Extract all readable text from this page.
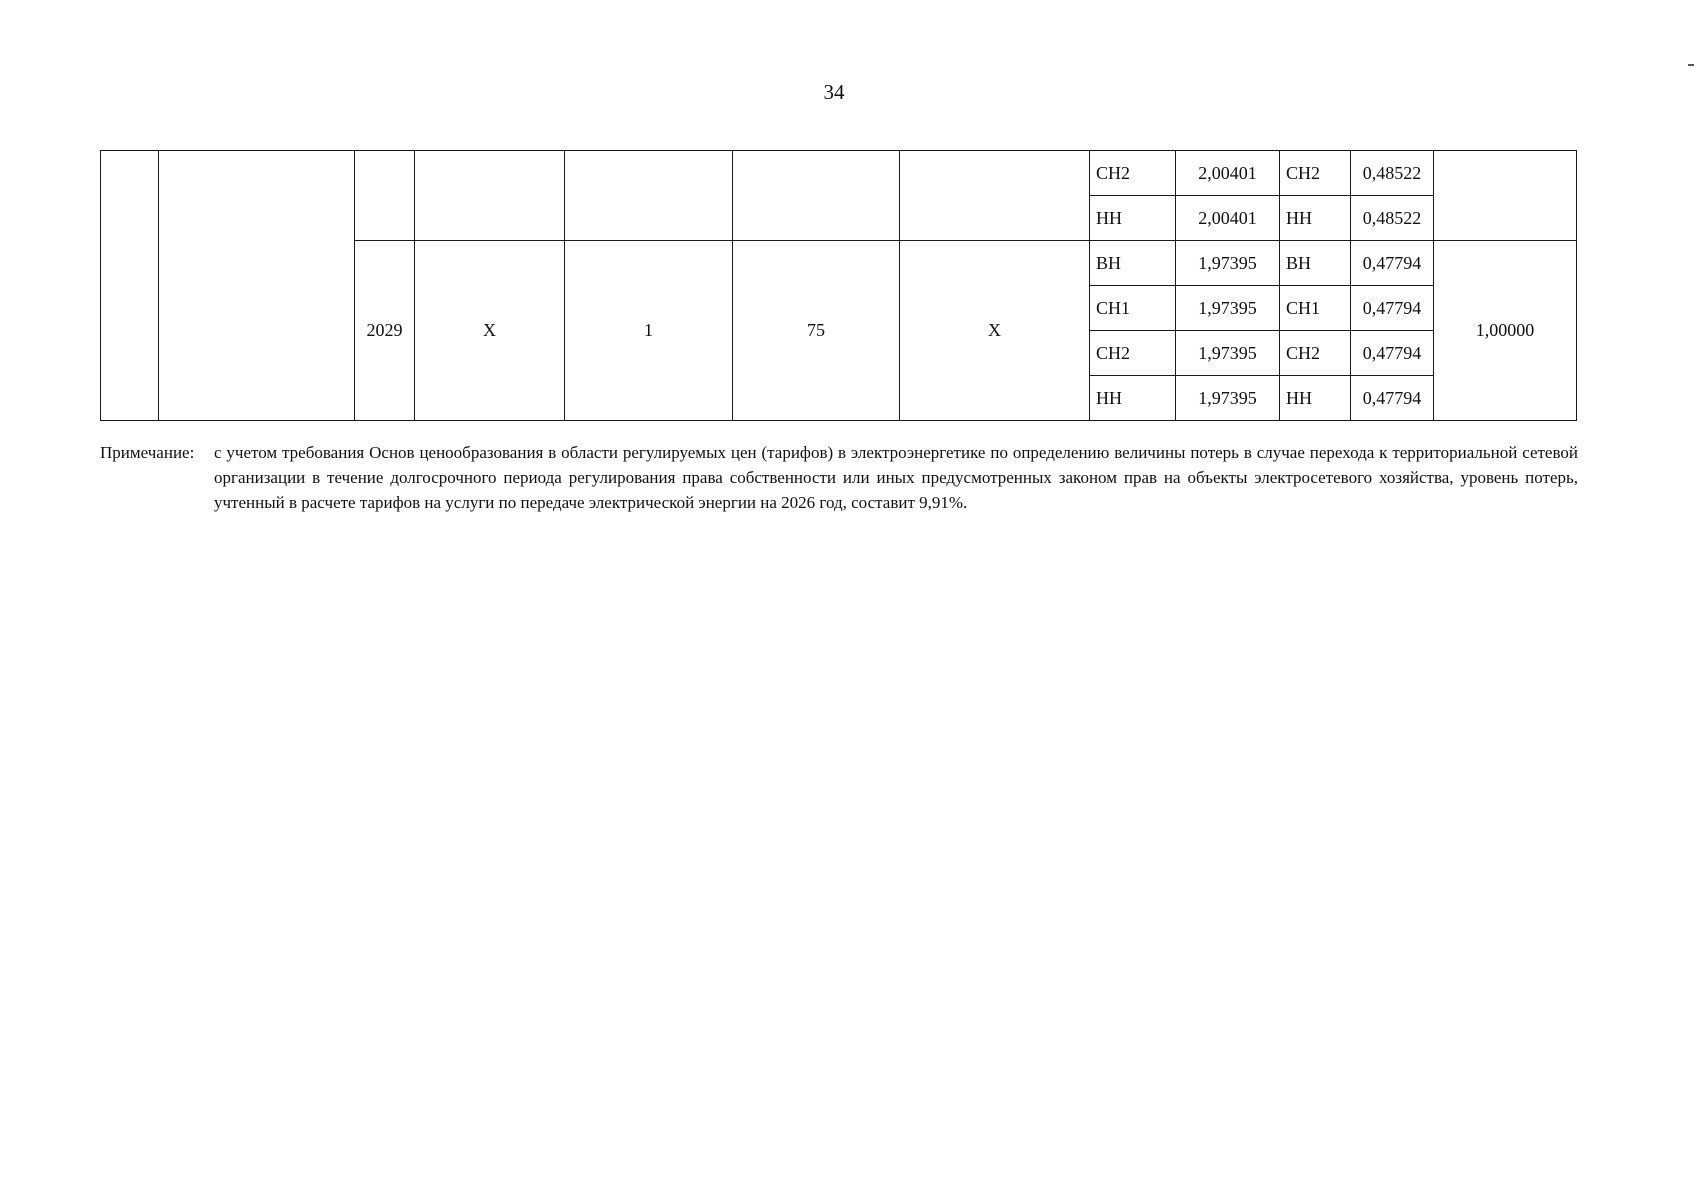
34
							СН2	2,00401	СН2	0,48522	
							НН	2,00401	НН	0,48522	
		2029	Х	1	75	Х	ВН	1,97395	ВН	0,47794	1,00000
							СН1	1,97395	СН1	0,47794	
							СН2	1,97395	СН2	0,47794	
							НН	1,97395	НН	0,47794	
Примечание:	с учетом требования Основ ценообразования в области регулируемых цен (тарифов) в электроэнергетике по определению величины потерь в случае перехода к территориальной сетевой организации в течение долгосрочного периода регулирования права собственности или иных предусмотренных законом прав на объекты электросетевого хозяйства, уровень потерь, учтенный в расчете тарифов на услуги по передаче электрической энергии на 2026 год, составит 9,91%.
